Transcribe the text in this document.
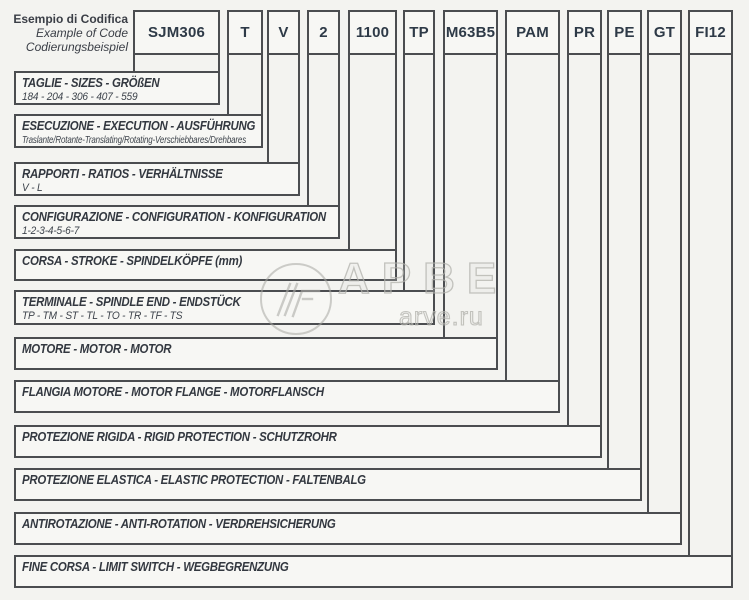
Esempio di Codifica
Example of Code
Codierungsbeispiel
SJM306	T	V	2	1100	TP	M63B5	PAM	PR	PE	GT	FI12
TAGLIE - SIZES - GRÖßEN
184 - 204 - 306 - 407 - 559
ESECUZIONE - EXECUTION - AUSFÜHRUNG
Traslante/Rotante-Translating/Rotating-Verschiebbares/Drehbares
RAPPORTI - RATIOS - VERHÄLTNISSE
V - L
CONFIGURAZIONE - CONFIGURATION - KONFIGURATION
1-2-3-4-5-6-7
CORSA - STROKE - SPINDELKÖPFE (mm)
TERMINALE - SPINDLE END - ENDSTÜCK
TP - TM - ST - TL - TO - TR - TF - TS
MOTORE - MOTOR - MOTOR
FLANGIA MOTORE - MOTOR FLANGE - MOTORFLANSCH
PROTEZIONE RIGIDA - RIGID PROTECTION - SCHUTZROHR
PROTEZIONE ELASTICA - ELASTIC PROTECTION - FALTENBALG
ANTIROTAZIONE - ANTI-ROTATION - VERDREHSICHERUNG
FINE CORSA - LIMIT SWITCH - WEGBEGRENZUNG
APBE
arve.ru
